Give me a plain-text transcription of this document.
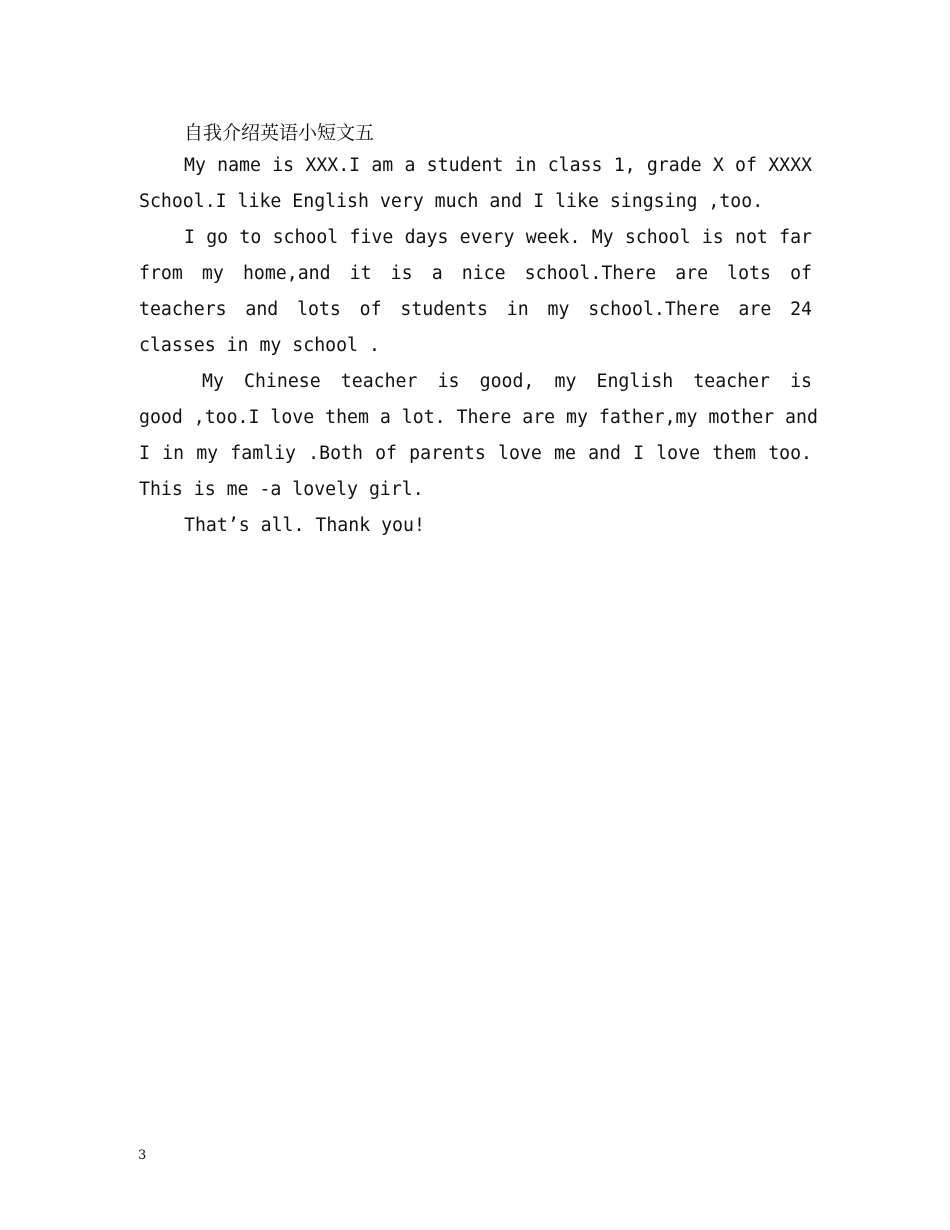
自我介绍英语小短文五
My name is XXX.I am a student in class 1, grade X of XXXX
School.I like English very much and I like singsing ,too.
I go to school five days every week. My school is not far
from my home,and it is a nice school.There are lots of
teachers and lots of students in my school.There are 24
classes in my school .
My Chinese teacher is good, my English teacher is
good ,too.I love them a lot. There are my father,my mother and
I in my famliy .Both of parents love me and I love them too.
This is me -a lovely girl.
That’s all. Thank you!
3
